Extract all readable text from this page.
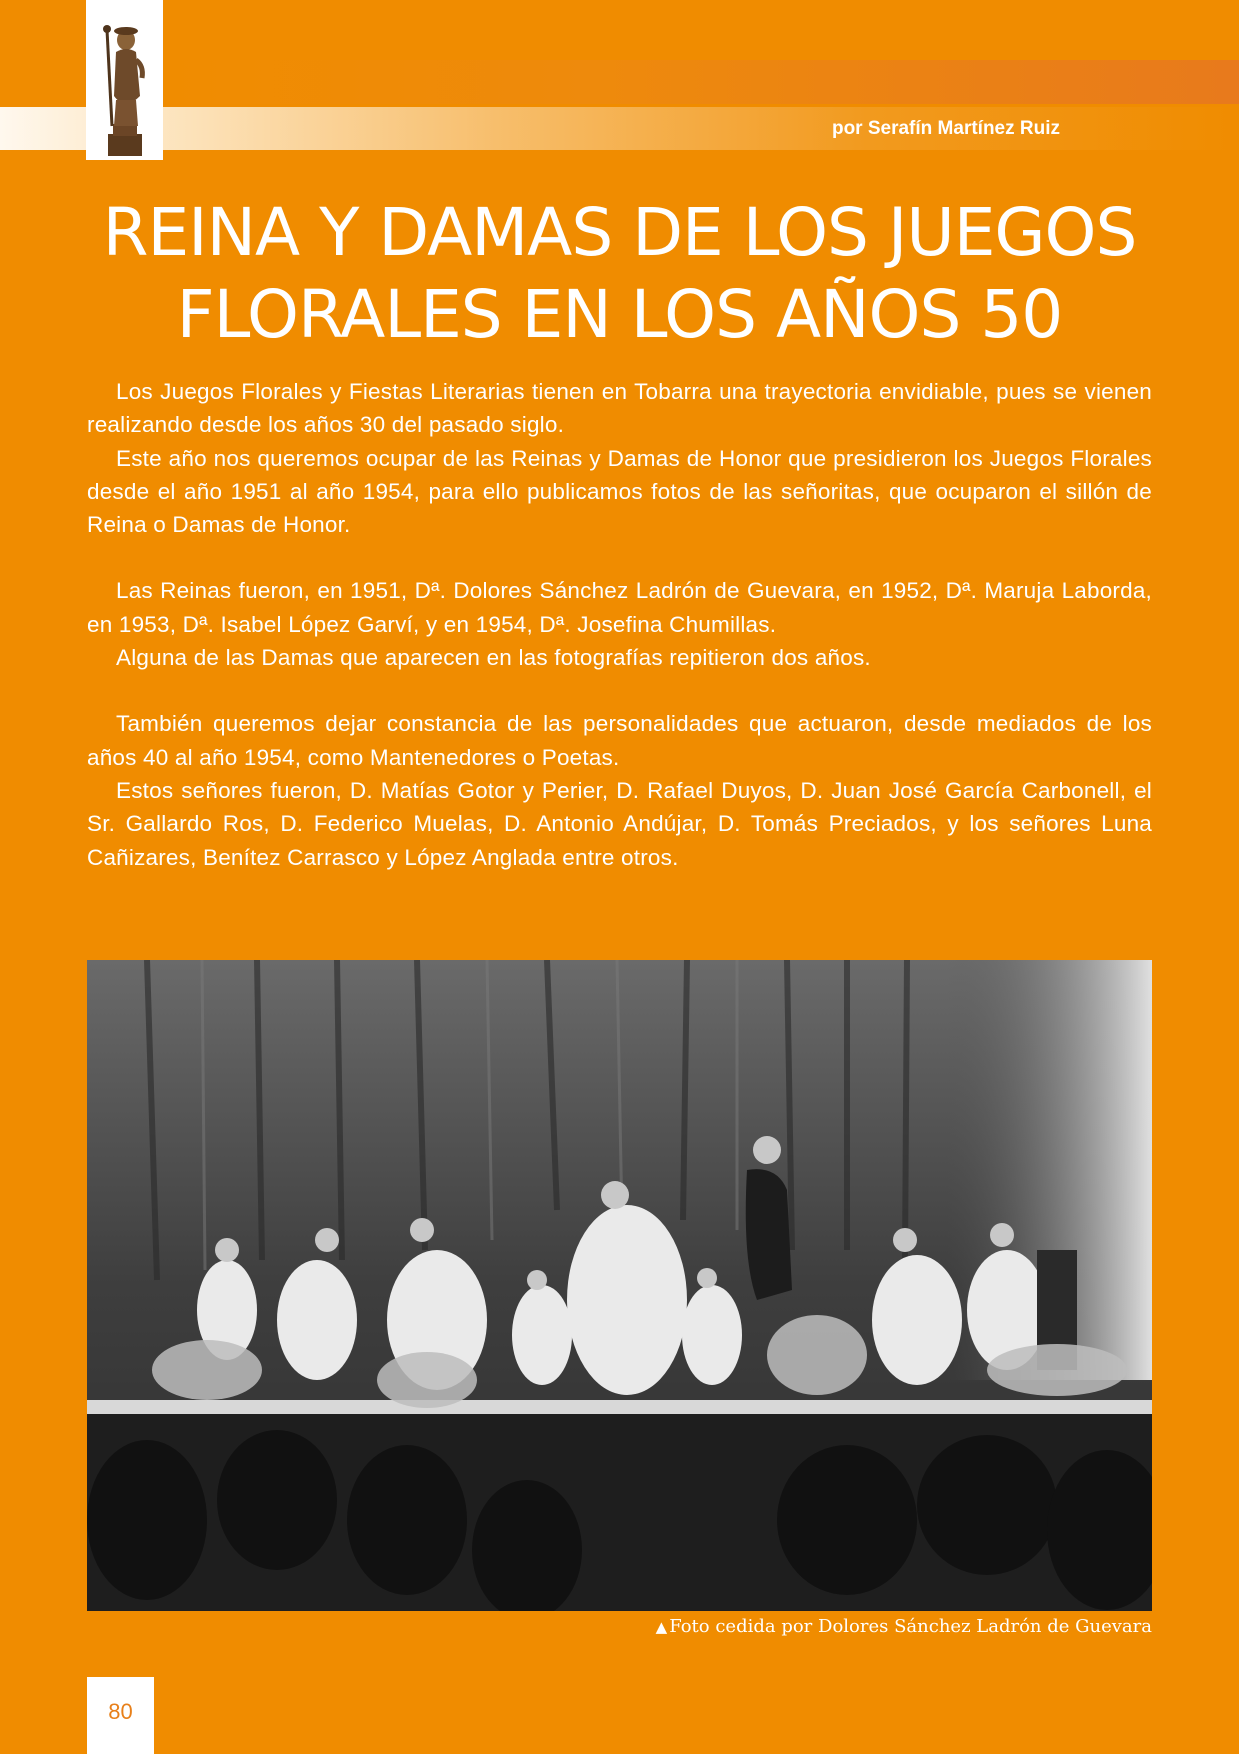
por Serafín Martínez Ruiz
REINA Y DAMAS DE LOS JUEGOS
FLORALES EN LOS AÑOS 50

Los Juegos Florales y Fiestas Literarias tienen en Tobarra una trayectoria envidiable, pues se vienen realizando desde los años 30 del pasado siglo.

Este año nos queremos ocupar de las Reinas y Damas de Honor que presidieron los Juegos Florales desde el año 1951 al año 1954, para ello publicamos fotos de las señoritas, que ocuparon el sillón de Reina o Damas de Honor.

Las Reinas fueron, en 1951, Dª. Dolores Sánchez Ladrón de Guevara, en 1952, Dª. Maruja Laborda, en 1953, Dª. Isabel López Garví, y en 1954, Dª. Josefina Chumillas.

Alguna de las Damas que aparecen en las fotografías repitieron dos años.

También queremos dejar constancia de las personalidades que actuaron, desde mediados de los años 40 al año 1954, como Mantenedores o Poetas.

Estos señores fueron, D. Matías Gotor y Perier, D. Rafael Duyos, D. Juan José García Carbonell, el Sr. Gallardo Ros, D. Federico Muelas, D. Antonio Andújar, D. Tomás Preciados, y los señores Luna Cañizares, Benítez Carrasco y López Anglada entre otros.

▲ Foto cedida por Dolores Sánchez Ladrón de Guevara
80
